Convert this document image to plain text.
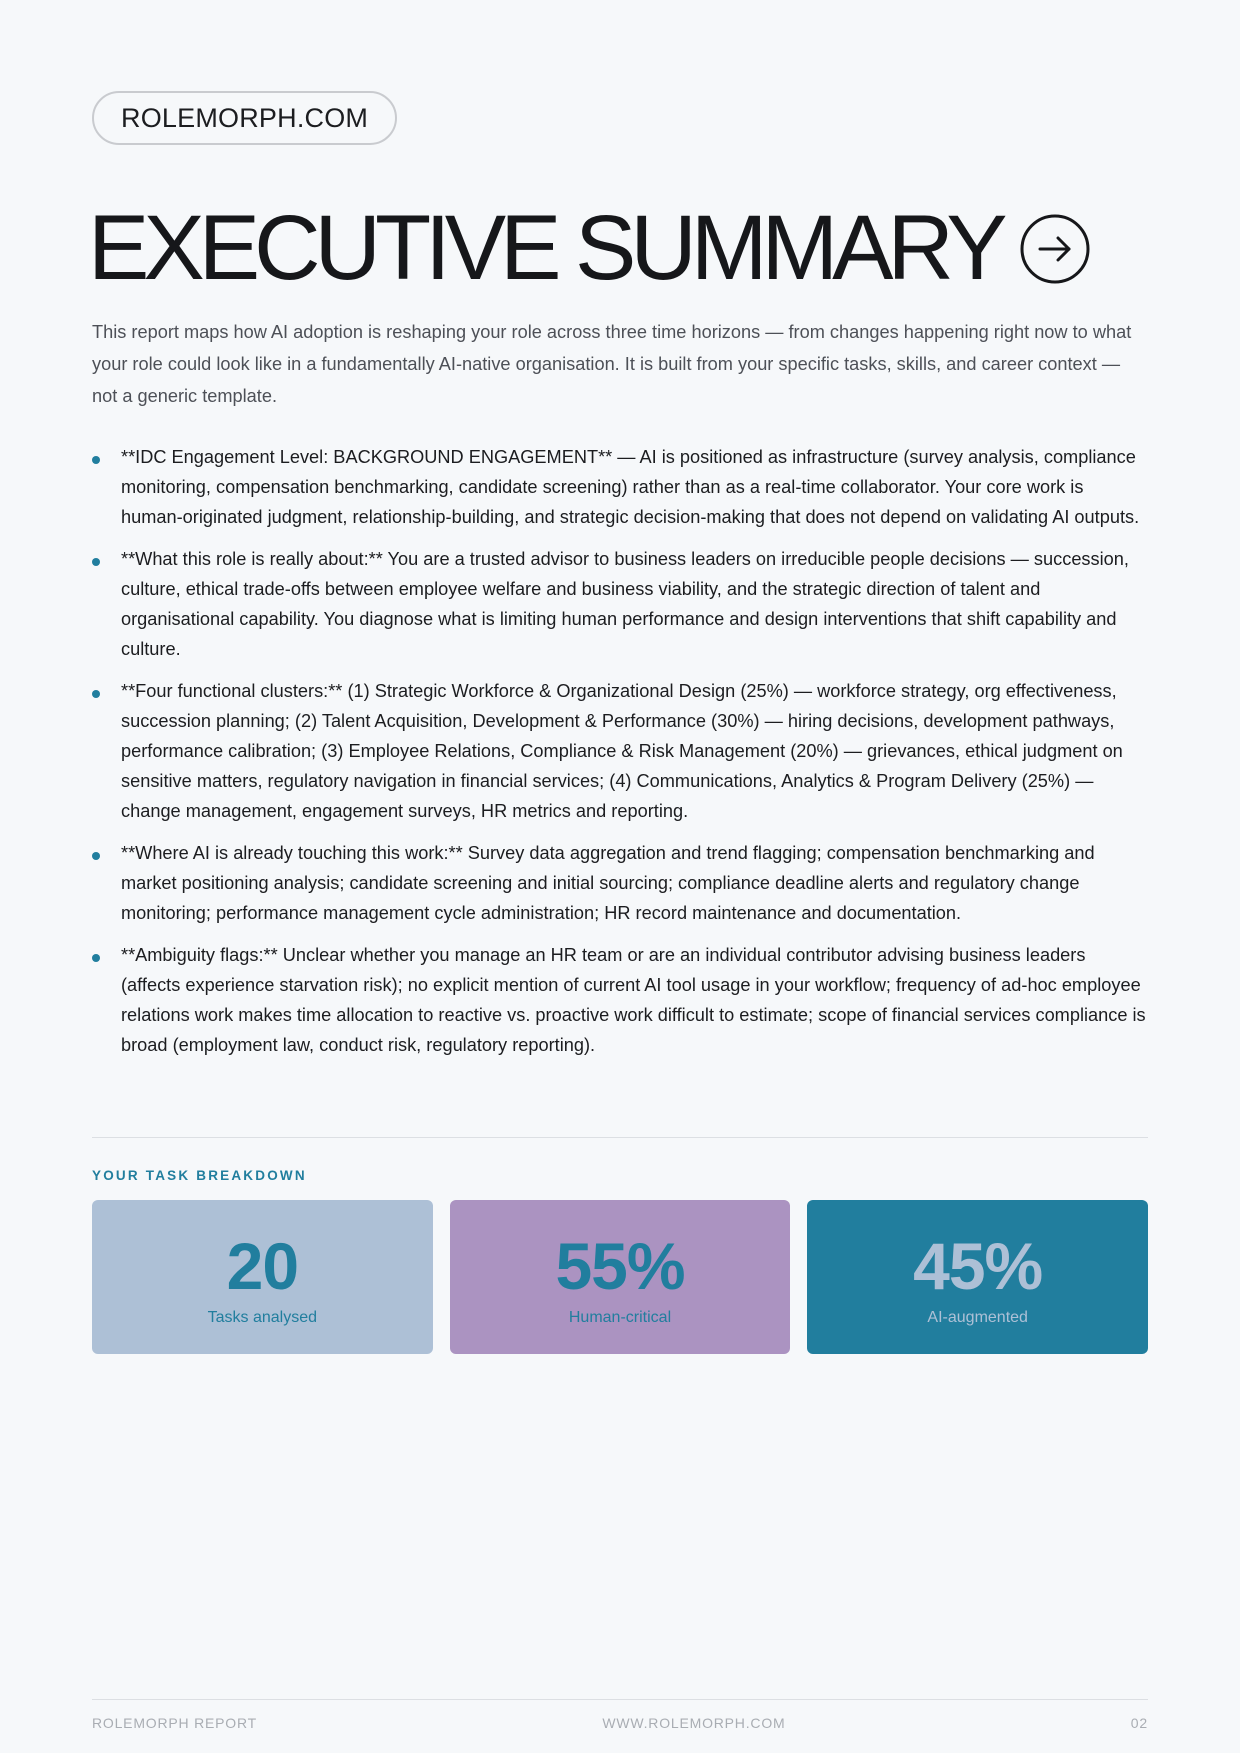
ROLEMORPH.COM
EXECUTIVE SUMMARY

This report maps how AI adoption is reshaping your role across three time horizons — from changes happening right now to what your role could look like in a fundamentally AI-native organisation. It is built from your specific tasks, skills, and career context — not a generic template.

**IDC Engagement Level: BACKGROUND ENGAGEMENT** — AI is positioned as infrastructure (survey analysis, compliance monitoring, compensation benchmarking, candidate screening) rather than as a real-time collaborator. Your core work is human-originated judgment, relationship-building, and strategic decision-making that does not depend on validating AI outputs.
**What this role is really about:** You are a trusted advisor to business leaders on irreducible people decisions — succession, culture, ethical trade-offs between employee welfare and business viability, and the strategic direction of talent and organisational capability. You diagnose what is limiting human performance and design interventions that shift capability and culture.
**Four functional clusters:** (1) Strategic Workforce & Organizational Design (25%) — workforce strategy, org effectiveness, succession planning; (2) Talent Acquisition, Development & Performance (30%) — hiring decisions, development pathways, performance calibration; (3) Employee Relations, Compliance & Risk Management (20%) — grievances, ethical judgment on sensitive matters, regulatory navigation in financial services; (4) Communications, Analytics & Program Delivery (25%) — change management, engagement surveys, HR metrics and reporting.
**Where AI is already touching this work:** Survey data aggregation and trend flagging; compensation benchmarking and market positioning analysis; candidate screening and initial sourcing; compliance deadline alerts and regulatory change monitoring; performance management cycle administration; HR record maintenance and documentation.
**Ambiguity flags:** Unclear whether you manage an HR team or are an individual contributor advising business leaders (affects experience starvation risk); no explicit mention of current AI tool usage in your workflow; frequency of ad-hoc employee relations work makes time allocation to reactive vs. proactive work difficult to estimate; scope of financial services compliance is broad (employment law, conduct risk, regulatory reporting).
YOUR TASK BREAKDOWN
20
Tasks analysed
55%
Human-critical
45%
AI-augmented
ROLEMORPH REPORT	WWW.ROLEMORPH.COM	02
